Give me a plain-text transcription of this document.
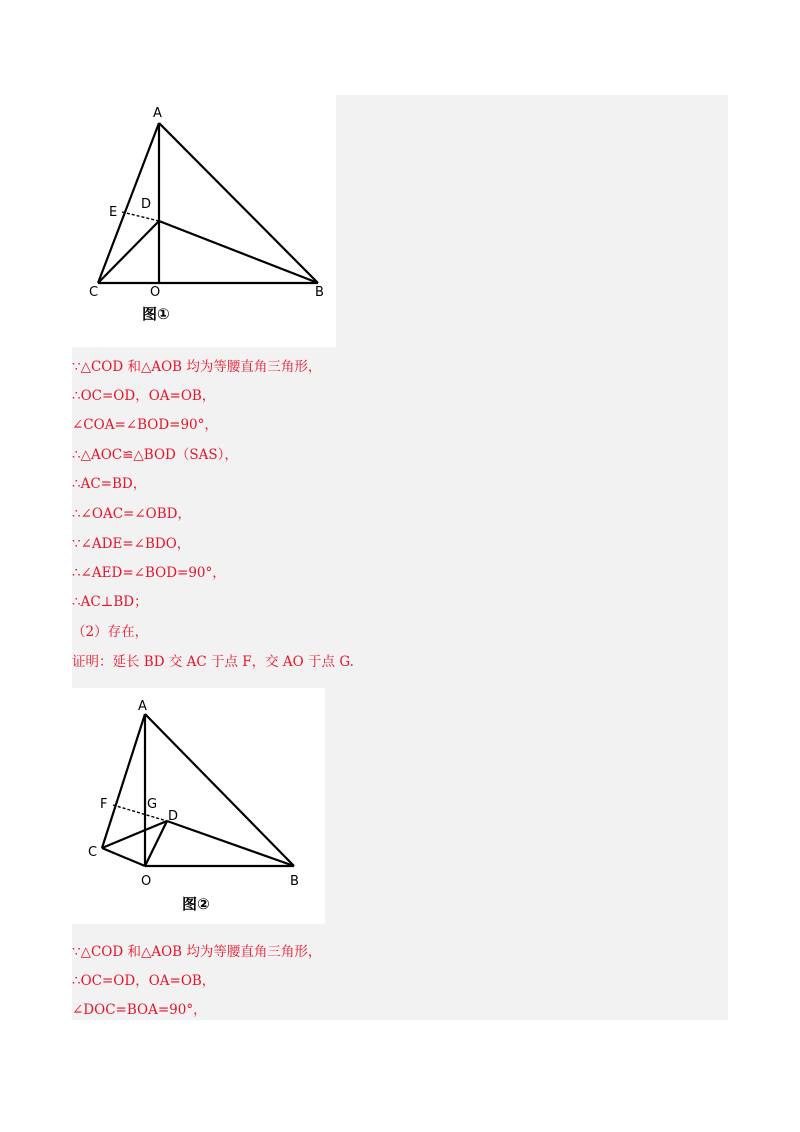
A
C	B
O
D
E
图①
∵△COD 和△AOB 均为等腰直角三角形，
∴OC=OD，OA=OB，
∠COA=∠BOD=90°，
∴△AOC≌△BOD（SAS），
∴AC=BD，
∴∠OAC=∠OBD，
∵∠ADE=∠BDO，
∴∠AED=∠BOD=90°，
∴AC⊥BD；
（2）存在，
证明：延长 BD 交 AC 于点 F，交 AO 于点 G.
A
C
B
O
D
G
F
图②
∵△COD 和△AOB 均为等腰直角三角形，
∴OC=OD，OA=OB，
∠DOC=BOA=90°，
